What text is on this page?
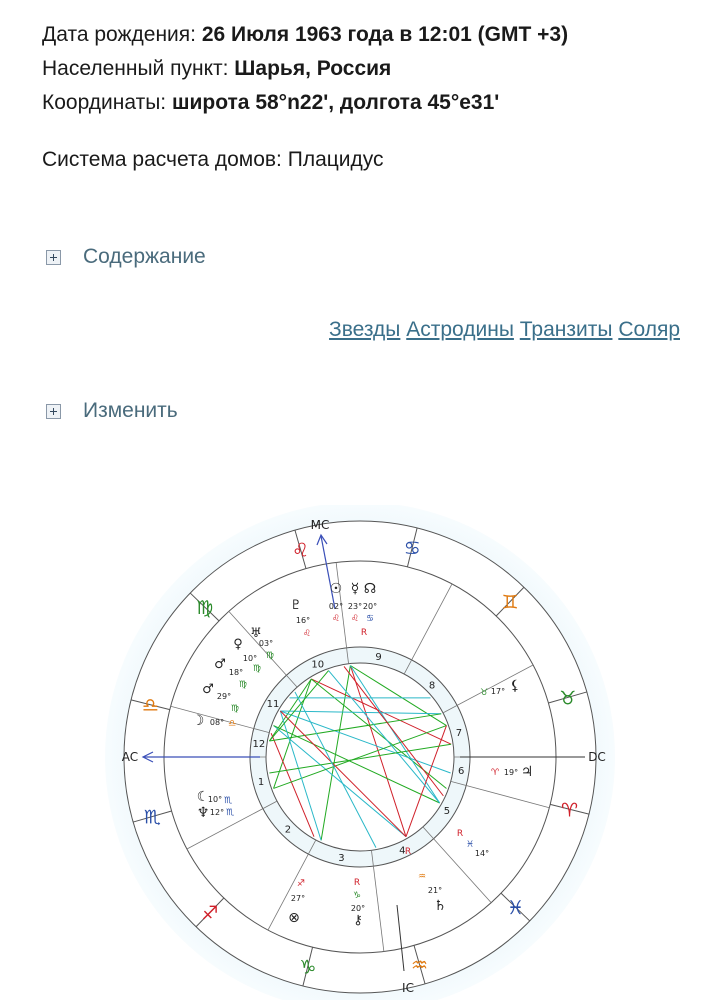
Дата рождения: 26 Июля 1963 года в 12:01 (GMT +3)
Населенный пункт: Шарья, Россия
Координаты: широта 58°n22', долгота 45°e31'
Система расчета домов: Плацидус
Содержание
Звезды Астродины Транзиты Соляр
Изменить
♋
♌
♍
♎
♏
♐
♑	♒
♓
♈
♉
♊
1
2
3
4
5
6
7
8
9
10
11
12
MC
IC
AC	DC
☉
02°
♌
☿
23°
♌
R
☊
20°
♋
♇
16°
♌
♅
03°
♍
♀
10°
♍
♂
18°
♍
♂ 29°
♍
☽ 08° ♎
☾
10° ♏
♆ 12° ♏
⊗
27°
♐
⚷
20°
♑
R
♄
21°
♒
R
♃
19°
♈
14°
♓
R
⚸
17°
♉
